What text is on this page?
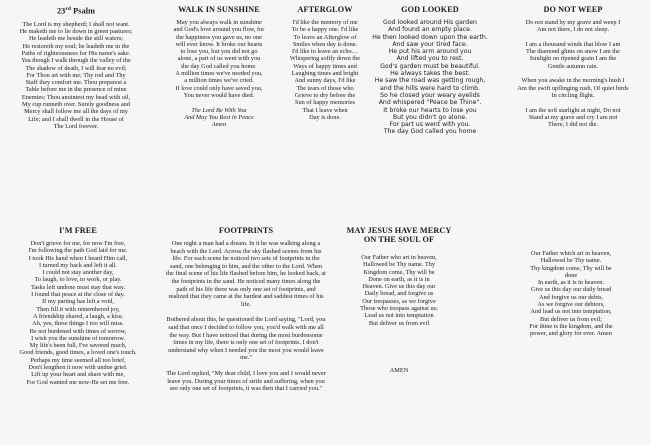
23rd Psalm
The Lord is my shepherd; I shall not want.
He maketh me to lie down in green pastures;
He leadeth me beside the still waters;
He restoreth my soul; he leadeth me in the
Paths of righteousness for His name's sake.
Yea though I walk through the valley of the
The shadow of death, I will fear no evil;
For Thou art with me; Thy rod and Thy
Staff they comfort me. Thou preparest a
Table before me in the presence of mine
Enemies; Thou anointest my head with oil,
My cup runneth over. Surely goodness and
Mercy shall follow me all the days of my
Life; and I shall dwell in the House of
The Lord forever.
WALK IN SUNSHINE
May you always walk in sunshine
and God's love around you flow, for
the happiness you gave us, no one
will ever know. It broke our hearts
to lose you, but you did not go
alone, a part of us went with you
the day God called you home.
A million times we've needed you,
a million times we've cried.
If love could only have saved you,
You never would have died.
The Lord Be With You
And May You Rest in Peace
Amen
AFTERGLOW
I'd like the memory of me
To be a happy one. I'd like
To leave an Afterglow of
Smiles when day is done.
I'd like to leave an echo…
Whispering softly down the
Ways of happy times and
Laughing times and bright
And sunny days, I'd like
The tears of those who
Grieve to dry before the
Sun of happy memories
That I leave when
Day is done.
GOD LOOKED
God looked around His garden
And found an empty place.
He then looked down upon the earth.
And saw your tired face.
He put his arm around you
And lifted you to rest.
God's garden must be beautiful.
He always takes the best.
He saw the road was getting rough,
and the hills were hard to climb.
So he closed your weary eyelids
And whispered "Peace be Thine".
It broke our hearts to lose you
But you didn't go alone.
For part us went with you.
The day God called you home
DO NOT WEEP
Do not stand by my grave and weep I
Am not there, I do not sleep.
I am a thousand winds that blow I am
The diamond glints on snow I am the
Sunlight on ripened grain I am the
Gentle autumn rain.
When you awake in the morning's hush I
Am the swift upflinging rush, Of quiet birds
In circling flight.
I am the soft starlight at night, Do not
Stand at my grave and cry I am not
There, I did not die.
I'M FREE
Don't grieve for me, for now I'm free,
I'm following the path God laid for me.
I took His hand when I heard Him call,
I turned my back and left it all.
I could not stay another day,
To laugh, to love, to work, or play.
Tasks left undone must stay that way.
I found that peace at the close of day.
If my parting has left a void,
Then fill it with remembered joy,
A friendship shared, a laugh, a kiss;
Ah, yes, these things I too will miss.
Be not burdened with times of sorrow,
I wish you the sunshine of tomorrow.
My life's been full, I've savored much,
Good friends, good times, a loved one's touch.
Perhaps my time seemed all too brief,
Don't lengthen it now with undue grief.
Lift up your heart and share with me,
For God wanted me now-He set me free.
FOOTPRINTS

One night a man had a dream. In it he was walking along a beach with the Lord. Across the sky flashed scenes from his life. For each scene he noticed two sets of footprints in the sand, one belonging to him, and the other to the Lord. When the final scene of his life flashed before him, he looked back, at the footprints in the sand. He noticed many times along the path of his life there was only one set of footprints, and realized that they came at the hardest and saddest times of his life.

Bothered about this, he questioned the Lord saying, "Lord, you said that once I decided to follow you, you'd walk with me all the way. But I have noticed that during the most burdensome times in my life, there is only one set of footprints. I don't understand why when I needed you the most you would leave me."

The Lord replied, "My dear child, I love you and I would never leave you. During your times of strife and suffering, when you see only one set of footprints, it was then that I carried you."

MAY JESUS HAVE MERCY
ON THE SOUL OF
Our Father who art in heaven,
Hallowed be Thy name. Thy
Kingdom come, Thy will be
Done on earth, as it is in
Heaven. Give us this day our
Daily bread, and forgive us
Our trespasses, as we forgive
Those who trespass against us;
Lead us not into temptation
But deliver us from evil
AMEN
Our Father which art in heaven,
Hallowed be Thy name.
Thy kingdom come, Thy will be
done
In earth, as it is in heaven.
Give us this day our daily bread
And forgive us our debts,
As we forgive our debtors,
And lead us not into temptation,
But deliver us from evil;
For thine is the kingdom, and the
power, and glory for ever. Amen
